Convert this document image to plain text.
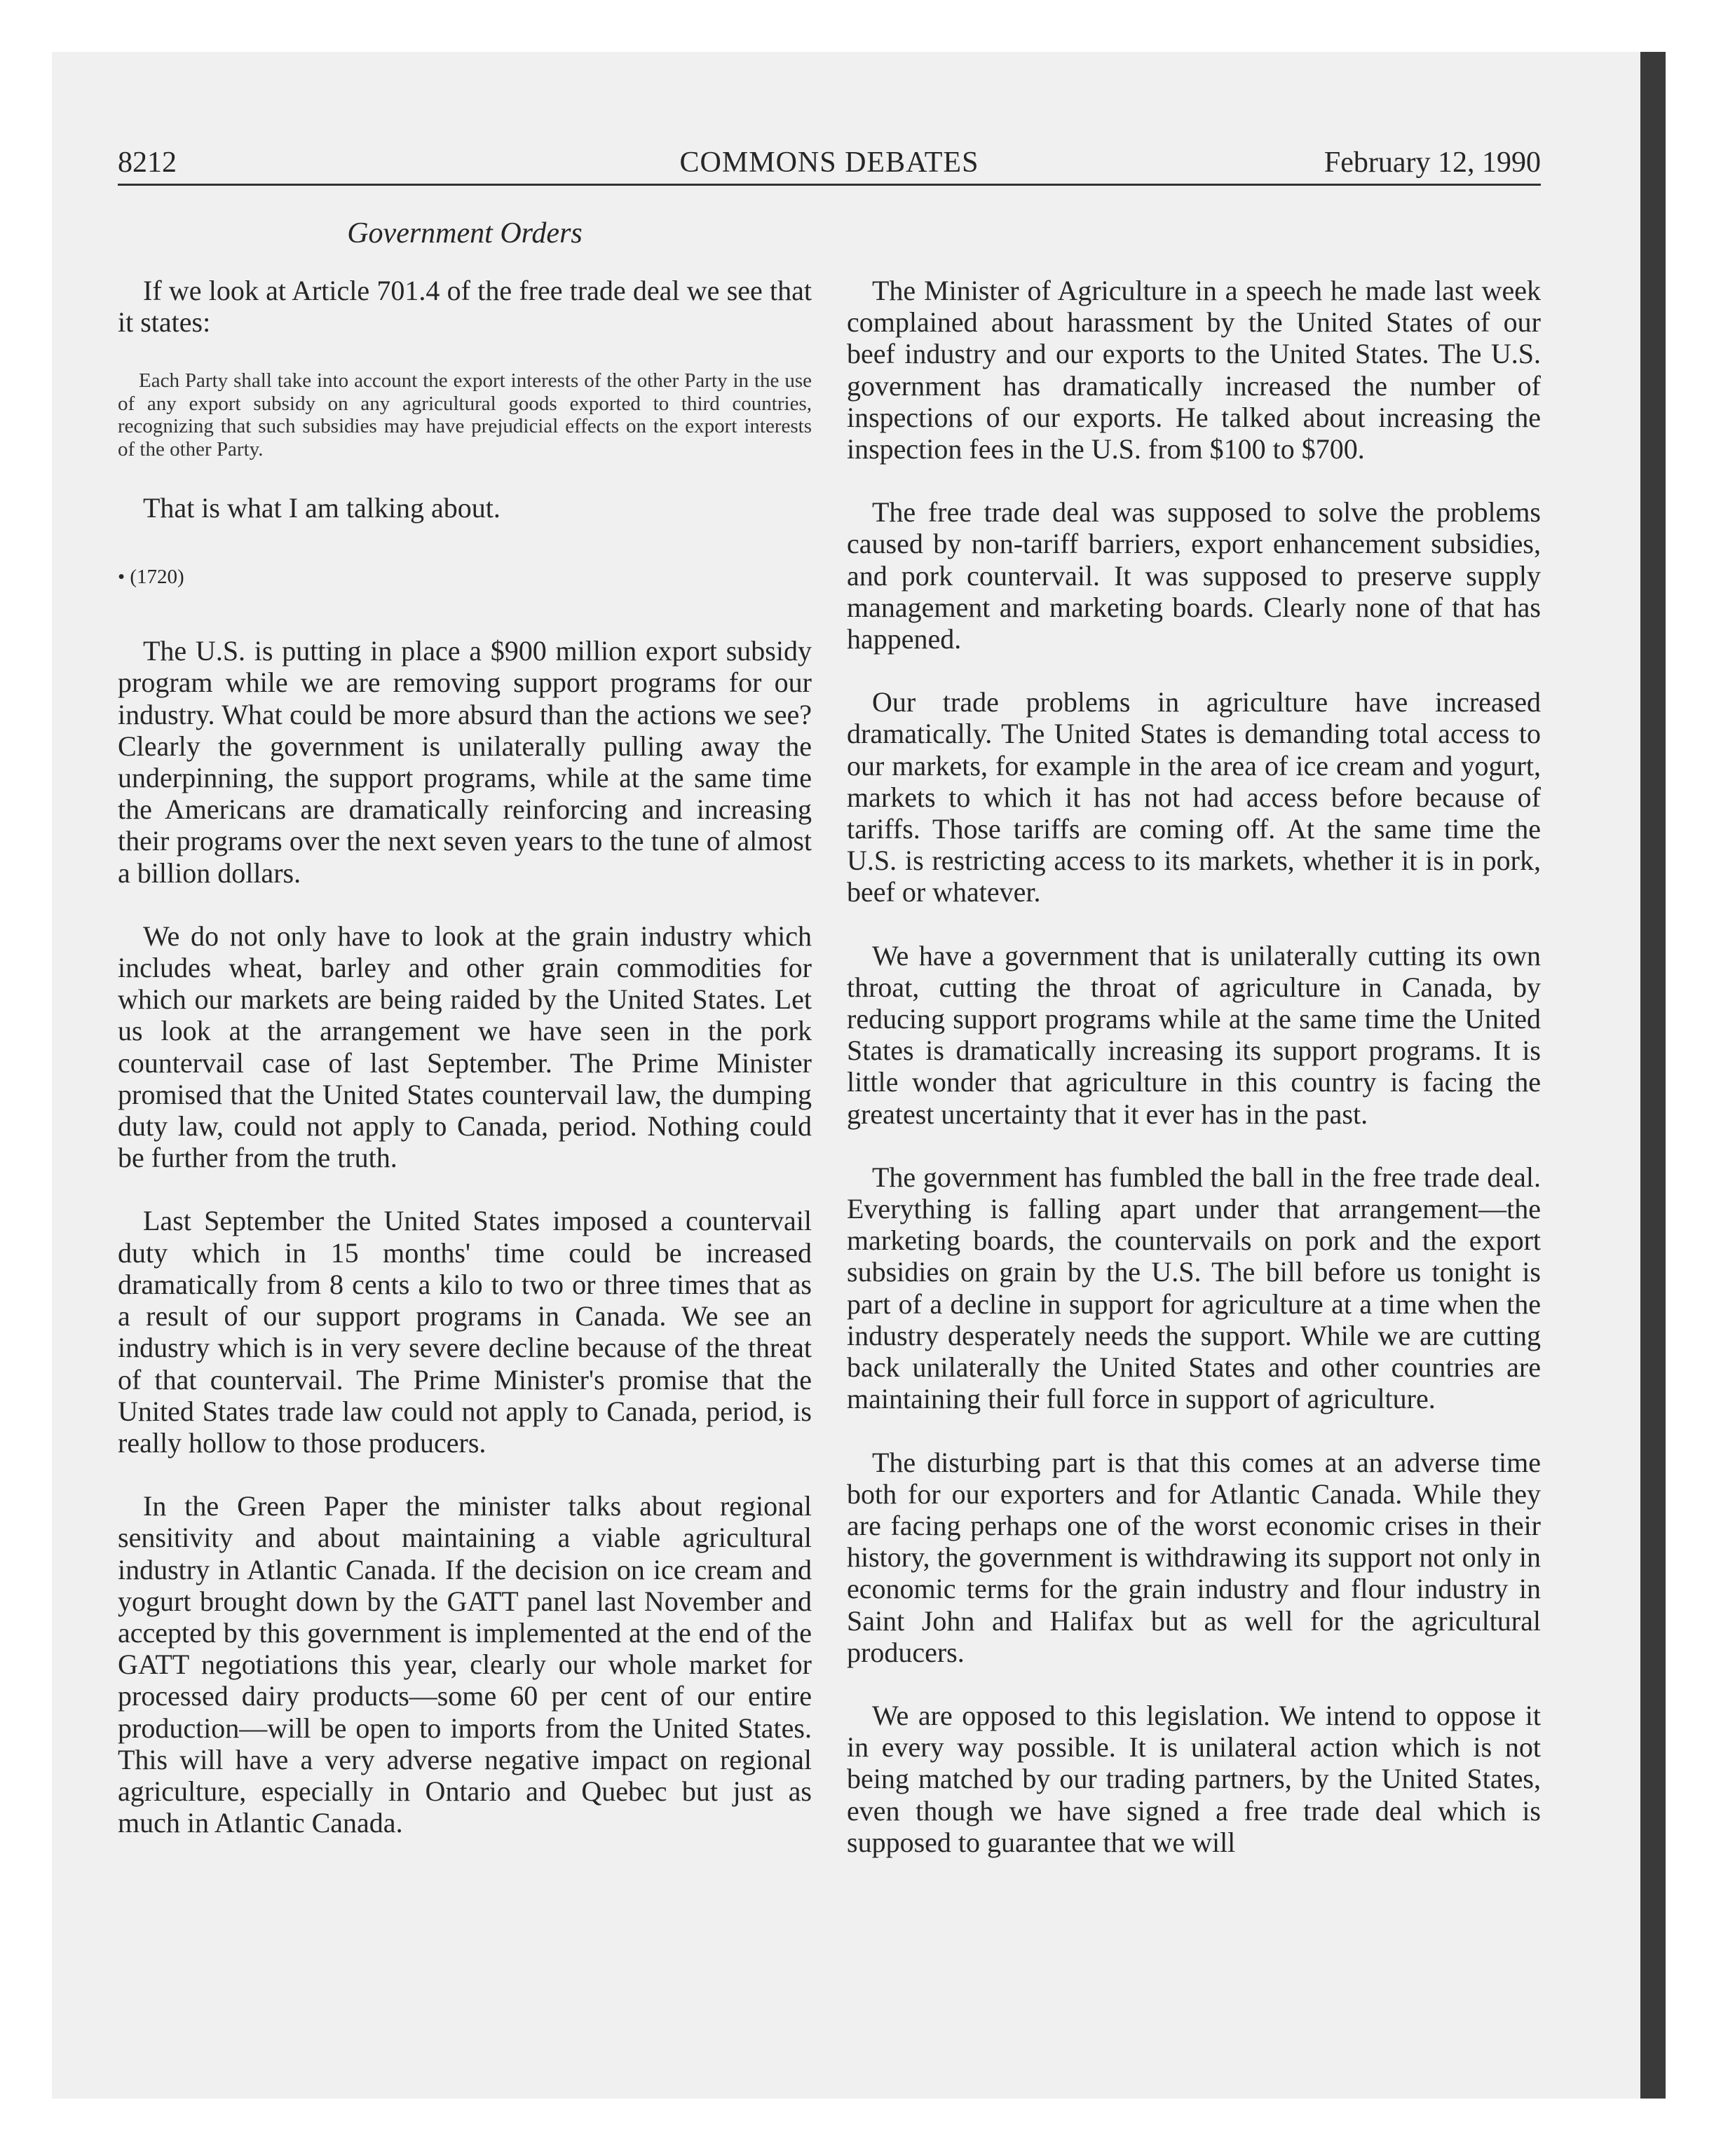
8212	COMMONS DEBATES	February 12, 1990
Government Orders

If we look at Article 701.4 of the free trade deal we see that it states:

Each Party shall take into account the export interests of the other Party in the use of any export subsidy on any agricultural goods exported to third countries, recognizing that such subsidies may have prejudicial effects on the export interests of the other Party.

That is what I am talking about.

• (1720)

The U.S. is putting in place a $900 million export subsidy program while we are removing support programs for our industry. What could be more absurd than the actions we see? Clearly the government is unilaterally pulling away the underpinning, the support programs, while at the same time the Americans are dramatically reinforcing and increasing their programs over the next seven years to the tune of almost a billion dollars.

We do not only have to look at the grain industry which includes wheat, barley and other grain commodities for which our markets are being raided by the United States. Let us look at the arrangement we have seen in the pork countervail case of last September. The Prime Minister promised that the United States countervail law, the dumping duty law, could not apply to Canada, period. Nothing could be further from the truth.

Last September the United States imposed a countervail duty which in 15 months' time could be increased dramatically from 8 cents a kilo to two or three times that as a result of our support programs in Canada. We see an industry which is in very severe decline because of the threat of that countervail. The Prime Minister's promise that the United States trade law could not apply to Canada, period, is really hollow to those producers.

In the Green Paper the minister talks about regional sensitivity and about maintaining a viable agricultural industry in Atlantic Canada. If the decision on ice cream and yogurt brought down by the GATT panel last November and accepted by this government is implemented at the end of the GATT negotiations this year, clearly our whole market for processed dairy products—some 60 per cent of our entire production—will be open to imports from the United States. This will have a very adverse negative impact on regional agriculture, especially in Ontario and Quebec but just as much in Atlantic Canada.

The Minister of Agriculture in a speech he made last week complained about harassment by the United States of our beef industry and our exports to the United States. The U.S. government has dramatically increased the number of inspections of our exports. He talked about increasing the inspection fees in the U.S. from $100 to $700.

The free trade deal was supposed to solve the problems caused by non-tariff barriers, export enhancement subsidies, and pork countervail. It was supposed to preserve supply management and marketing boards. Clearly none of that has happened.

Our trade problems in agriculture have increased dramatically. The United States is demanding total access to our markets, for example in the area of ice cream and yogurt, markets to which it has not had access before because of tariffs. Those tariffs are coming off. At the same time the U.S. is restricting access to its markets, whether it is in pork, beef or whatever.

We have a government that is unilaterally cutting its own throat, cutting the throat of agriculture in Canada, by reducing support programs while at the same time the United States is dramatically increasing its support programs. It is little wonder that agriculture in this country is facing the greatest uncertainty that it ever has in the past.

The government has fumbled the ball in the free trade deal. Everything is falling apart under that arrangement—the marketing boards, the countervails on pork and the export subsidies on grain by the U.S. The bill before us tonight is part of a decline in support for agriculture at a time when the industry desperately needs the support. While we are cutting back unilaterally the United States and other countries are maintaining their full force in support of agriculture.

The disturbing part is that this comes at an adverse time both for our exporters and for Atlantic Canada. While they are facing perhaps one of the worst economic crises in their history, the government is withdrawing its support not only in economic terms for the grain industry and flour industry in Saint John and Halifax but as well for the agricultural producers.

We are opposed to this legislation. We intend to oppose it in every way possible. It is unilateral action which is not being matched by our trading partners, by the United States, even though we have signed a free trade deal which is supposed to guarantee that we will
